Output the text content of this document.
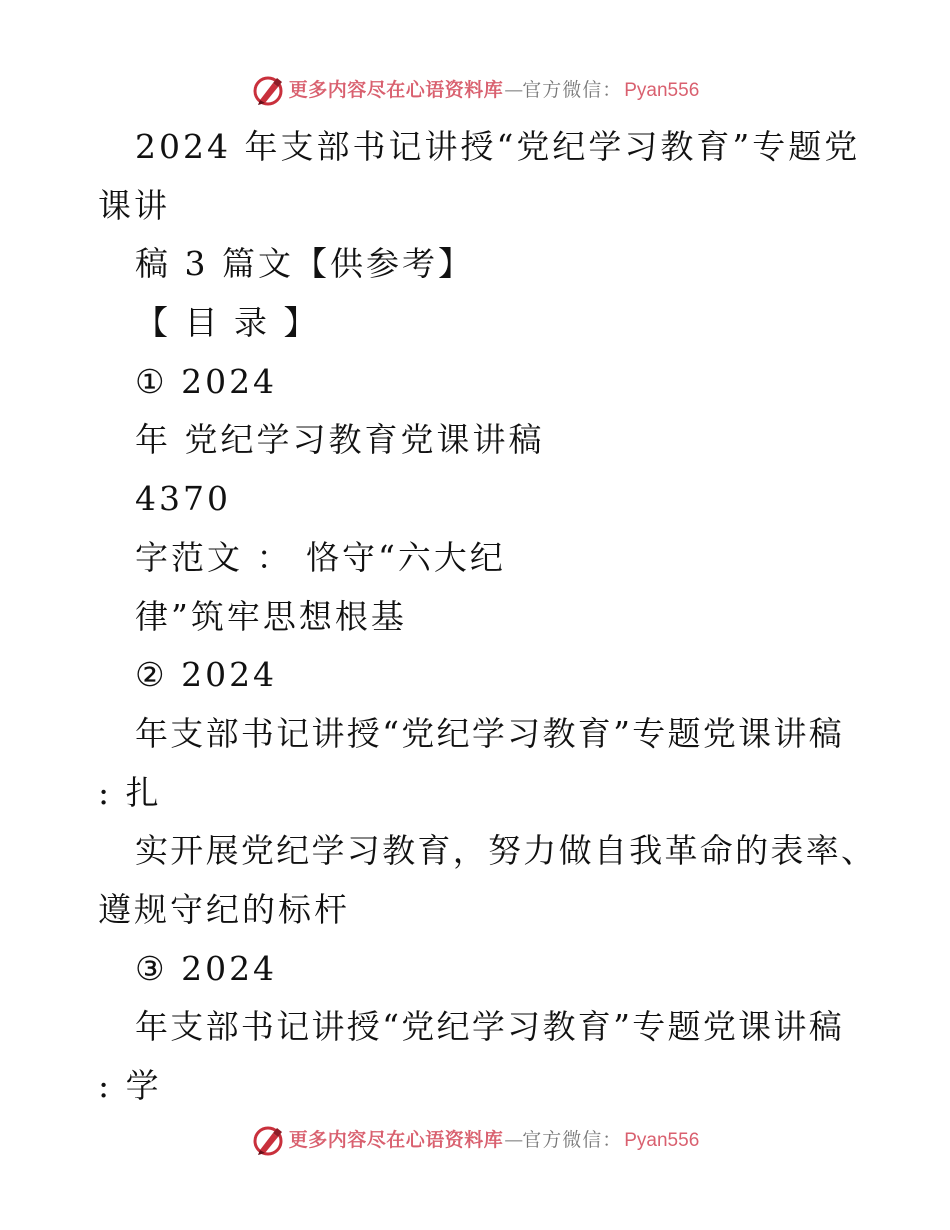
更多内容尽在心语资料库 — 官方微信： Pyan556
2024 年支部书记讲授“党纪学习教育”专题党
课讲
稿 3 篇文【供参考】
【 目 录 】
① 2024
年 党纪学习教育党课讲稿
4370
字范文 ： 恪守“六大纪
律”筑牢思想根基
② 2024
年支部书记讲授“党纪学习教育”专题党课讲稿
: 扎
实开展党纪学习教育，努力做自我革命的表率、
遵规守纪的标杆
③ 2024
年支部书记讲授“党纪学习教育”专题党课讲稿
: 学
更多内容尽在心语资料库 — 官方微信： Pyan556
